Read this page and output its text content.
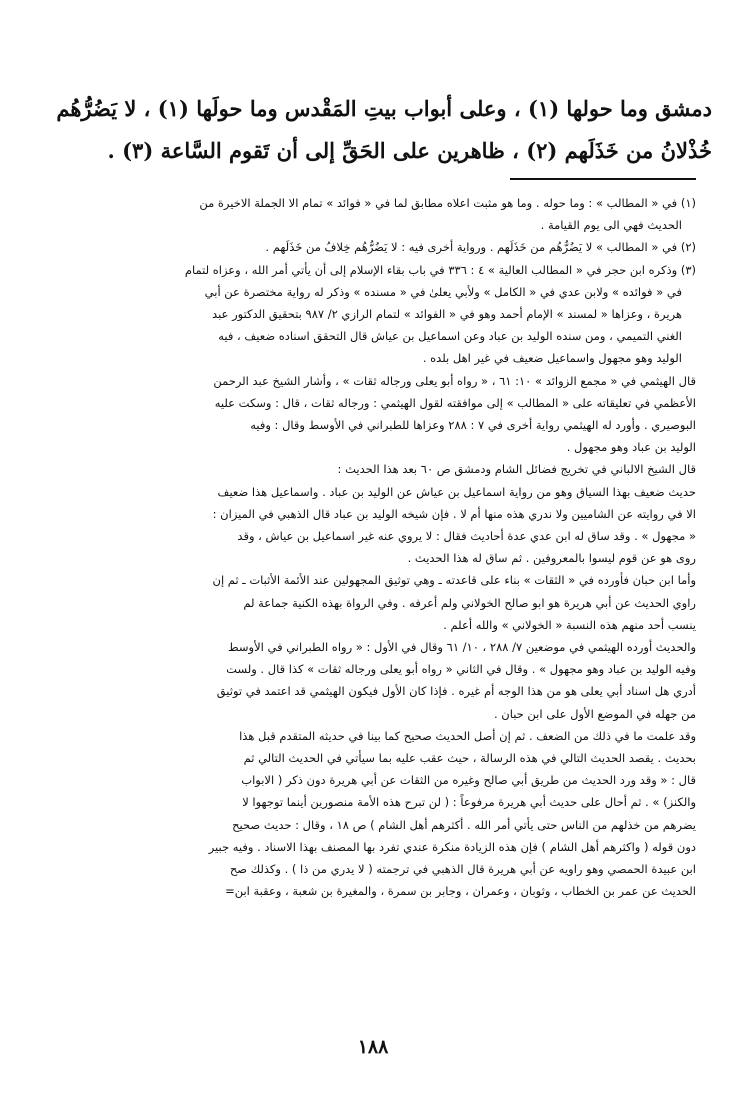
دمشق وما حولها (١) ، وعلى أبواب بيتِ المَقْدس وما حولَها (١) ، لا يَضُرُّهُم
خُذْلانُ من خَذَلَهم (٢) ، ظاهرين على الحَقِّ إلى أن تَقوم السَّاعة (٣) .
(١) في « المطالب » : وما حوله . وما هو مثبت اعلاه مطابق لما في « فوائد » تمام الا الجملة الاخيرة من
الحديث فهي الى يوم القيامة .
(٢) في « المطالب » لا يَضُرُّهُم من خَذَلَهم . ورواية أخرى فيه : لا يَضُرُّهُم خِلافُ من خَذَلَهم .
(٣) وذكره ابن حجر في « المطالب العالية » ٤ : ٣٣٦ في باب بقاء الإسلام إلى أن يأتي أمر الله ، وعزاه لتمام
في « فوائده » ولابن عدي في « الكامل » ولأبي يعلىٰ في « مسنده » وذكر له رواية مختصرة عن أبي
هريرة ، وعزاها « لمسند » الإمام أحمد وهو في « الفوائد » لتمام الرازي ٢/ ٩٨٧ بتحقيق الدكتور عبد
الغني التميمي ، ومن سنده الوليد بن عباد وعن اسماعيل بن عياش قال التحقق اسناده ضعيف ، فيه
الوليد وهو مجهول واسماعيل ضعيف في غير اهل بلده .
قال الهيثمي في « مجمع الزوائد » ١٠: ٦١ ، « رواه أبو يعلى ورجاله ثقات » ، وأشار الشيخ عبد الرحمن
الأعظمي في تعليقاته على « المطالب » إلى موافقته لقول الهيثمي : ورجاله ثقات ، قال : وسكت عليه
البوصيري . وأورد له الهيثمي رواية أخرى في ٧ : ٢٨٨ وعزاها للطبراني في الأوسط وقال : وفيه
الوليد بن عباد وهو مجهول .
قال الشيخ الالباني في تخريج فضائل الشام ودمشق ص ٦٠ بعد هذا الحديث :
حديث ضعيف بهذا السياق وهو من رواية اسماعيل بن عياش عن الوليد بن عباد . واسماعيل هذا ضعيف
الا في روايته عن الشاميين ولا ندري هذه منها أم لا . فإن شيخه الوليد بن عباد قال الذهبي في الميزان :
« مجهول » . وقد ساق له ابن عدي عدة أحاديث فقال : لا يروي عنه غير اسماعيل بن عياش ، وقد
روى هو عن قوم ليسوا بالمعروفين . ثم ساق له هذا الحديث .
وأما ابن حبان فأورده في « الثقات » بناء على قاعدته ـ وهي توثيق المجهولين عند الأئمة الأثبات ـ ثم إن
راوي الحديث عن أبي هريرة هو ابو صالح الخولاني ولم أعرفه . وفي الرواة بهذه الكنية جماعة لم
ينسب أحد منهم هذه النسبة « الخولاني » والله أعلم .
والحديث أورده الهيثمي في موضعين ٧/ ٢٨٨ ، ١٠/ ٦١ وقال في الأول : « رواه الطبراني في الأوسط
وفيه الوليد بن عباد وهو مجهول » . وقال في الثاني « رواه أبو يعلى ورجاله ثقات » كذا قال . ولست
أدري هل اسناد أبي يعلى هو من هذا الوجه أم غيره . فإذا كان الأول فيكون الهيثمي قد اعتمد في توثيق
من جهله في الموضع الأول على ابن حبان .
وقد علمت ما في ذلك من الضعف . ثم إن أصل الحديث صحيح كما بينا في حديثه المتقدم قبل هذا
بحديث . يقصد الحديث التالي في هذه الرسالة ، حيث عقب عليه بما سيأتي في الحديث التالي ثم
قال : « وقد ورد الحديث من طريق أبي صالح وغيره من الثقات عن أبي هريرة دون ذكر ( الابواب
والكنز) » . ثم أحال على حديث أبي هريرة مرفوعاً : ( لن تبرح هذه الأمة منصورين أينما توجهوا لا
يضرهم من خذلهم من الناس حتى يأتي أمر الله . أكثرهم أهل الشام ) ص ١٨ ، وقال : حديث صحيح
دون قوله ( واكثرهم أهل الشام ) فإن هذه الزيادة منكرة عندي تفرد بها المصنف بهذا الاسناد . وفيه جبير
ابن عبيدة الحمصي وهو راويه عن أبي هريرة قال الذهبي في ترجمته ( لا يدري من ذا ) . وكذلك صح
الحديث عن عمر بن الخطاب ، وثوبان ، وعمران ، وجابر بن سمرة ، والمغيرة بن شعبة ، وعقبة ابن=
١٨٨
